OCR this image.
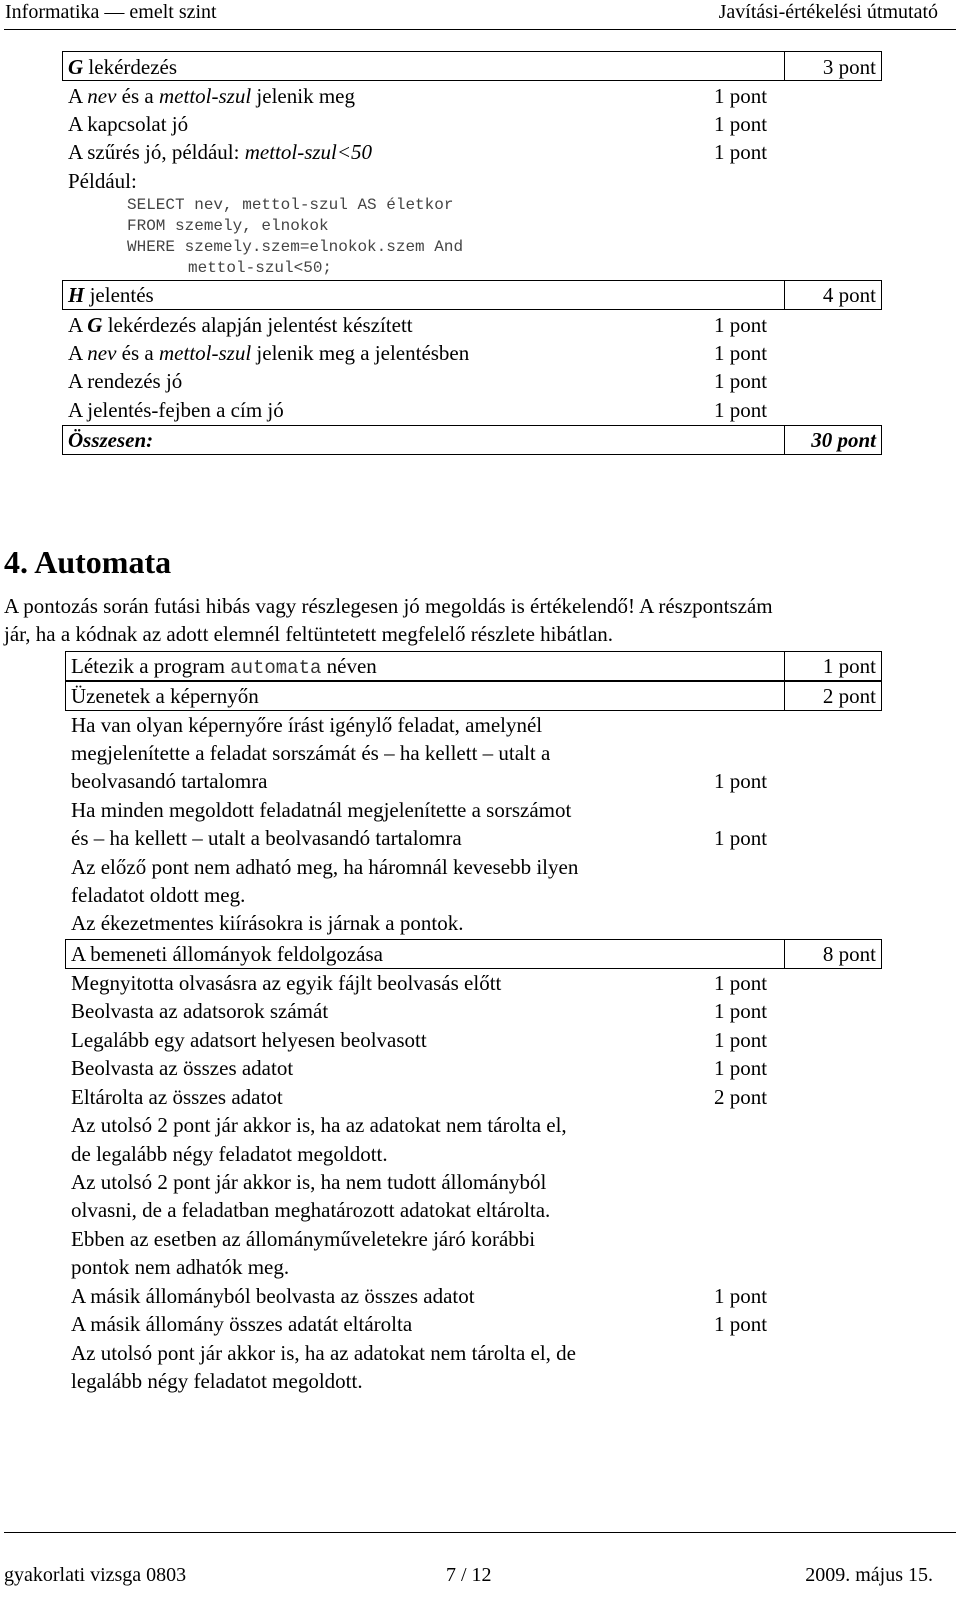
Informatika — emelt szint	Javítási-értékelési útmutató
G lekérdezés	3 pont
A nev és a mettol-szul jelenik meg	1 pont
A kapcsolat jó	1 pont
A szűrés jó, például: mettol-szul<50	1 pont
Például:
SELECT nev, mettol-szul AS életkor
FROM szemely, elnokok
WHERE szemely.szem=elnokok.szem And
mettol-szul<50;
H jelentés	4 pont
A G lekérdezés alapján jelentést készített	1 pont
A nev és a mettol-szul jelenik meg a jelentésben	1 pont
A rendezés jó	1 pont
A jelentés-fejben a cím jó	1 pont
Összesen:	30 pont
4. Automata
A pontozás során futási hibás vagy részlegesen jó megoldás is értékelendő! A részpontszám
jár, ha a kódnak az adott elemnél feltüntetett megfelelő részlete hibátlan.
Létezik a program automata néven	1 pont
Üzenetek a képernyőn	2 pont
Ha van olyan képernyőre írást igénylő feladat, amelynél
megjelenítette a feladat sorszámát és – ha kellett – utalt a
beolvasandó tartalomra	1 pont
Ha minden megoldott feladatnál megjelenítette a sorszámot
és – ha kellett – utalt a beolvasandó tartalomra	1 pont
Az előző pont nem adható meg, ha háromnál kevesebb ilyen
feladatot oldott meg.
Az ékezetmentes kiírásokra is járnak a pontok.
A bemeneti állományok feldolgozása	8 pont
Megnyitotta olvasásra az egyik fájlt beolvasás előtt	1 pont
Beolvasta az adatsorok számát	1 pont
Legalább egy adatsort helyesen beolvasott	1 pont
Beolvasta az összes adatot	1 pont
Eltárolta az összes adatot	2 pont
Az utolsó 2 pont jár akkor is, ha az adatokat nem tárolta el,
de legalább négy feladatot megoldott.
Az utolsó 2 pont jár akkor is, ha nem tudott állományból
olvasni, de a feladatban meghatározott adatokat eltárolta.
Ebben az esetben az állományműveletekre járó korábbi
pontok nem adhatók meg.
A másik állományból beolvasta az összes adatot	1 pont
A másik állomány összes adatát eltárolta	1 pont
Az utolsó pont jár akkor is, ha az adatokat nem tárolta el, de
legalább négy feladatot megoldott.
gyakorlati vizsga 0803	7 / 12	2009. május 15.
